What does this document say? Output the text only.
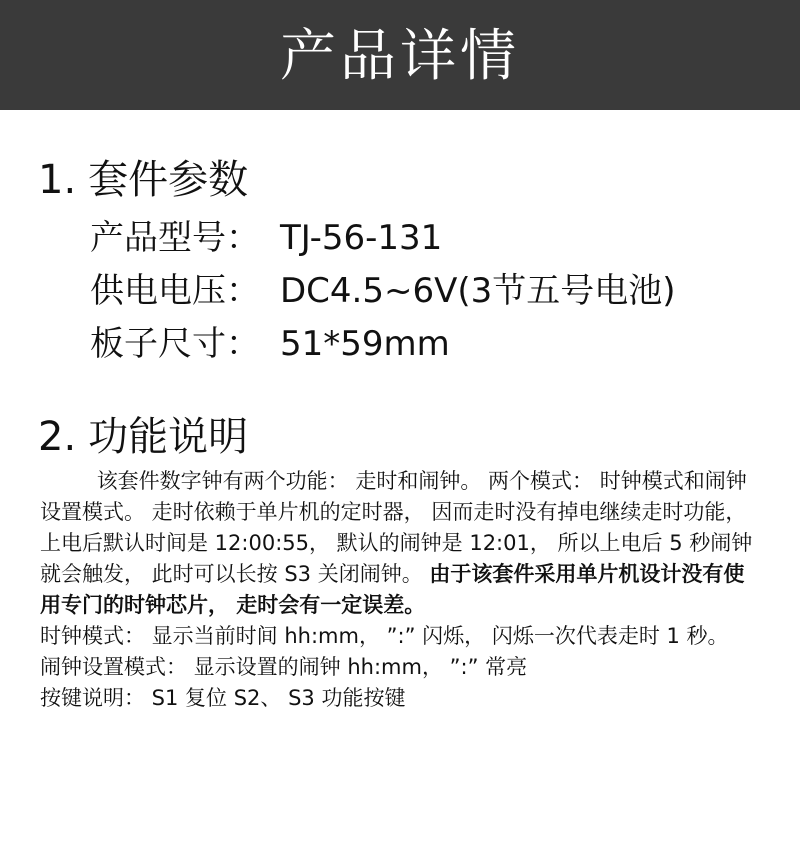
产品详情
1. 套件参数
产品型号： TJ-56-131
供电电压： DC4.5~6V(3节五号电池)
板子尺寸： 51*59mm
2. 功能说明

该套件数字钟有两个功能： 走时和闹钟。 两个模式： 时钟模式和闹钟设置模式。 走时依赖于单片机的定时器， 因而走时没有掉电继续走时功能， 上电后默认时间是 12:00:55， 默认的闹钟是 12:01， 所以上电后 5 秒闹钟就会触发， 此时可以长按 S3 关闭闹钟。 由于该套件采用单片机设计没有使用专门的时钟芯片， 走时会有一定误差。

时钟模式： 显示当前时间 hh:mm， ”:” 闪烁， 闪烁一次代表走时 1 秒。

闹钟设置模式： 显示设置的闹钟 hh:mm， ”:” 常亮

按键说明： S1 复位 S2、 S3 功能按键
